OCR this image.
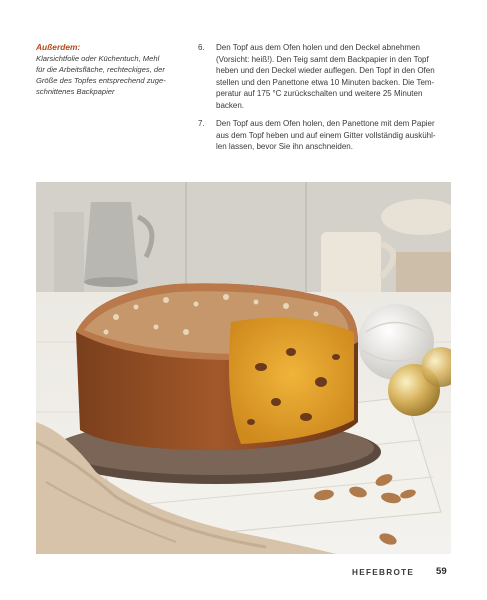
Außerdem:
Klarsichtfolie oder Küchentuch, Mehl
für die Arbeitsfläche, rechteckiges, der
Größe des Topfes entsprechend zuge-
schnittenes Backpapier
6.	Den Topf aus dem Ofen holen und den Deckel abnehmen
(Vorsicht: heiß!). Den Teig samt dem Backpapier in den Topf
heben und den Deckel wieder auflegen. Den Topf in den Ofen
stellen und den Panettone etwa 10 Minuten backen. Die Tem-
peratur auf 175 °C zurückschalten und weitere 25 Minuten
backen.
7.	Den Topf aus dem Ofen holen, den Panettone mit dem Papier
aus dem Topf heben und auf einem Gitter vollständig auskühl-
len lassen, bevor Sie ihn anschneiden.
HEFEBROTE 59
